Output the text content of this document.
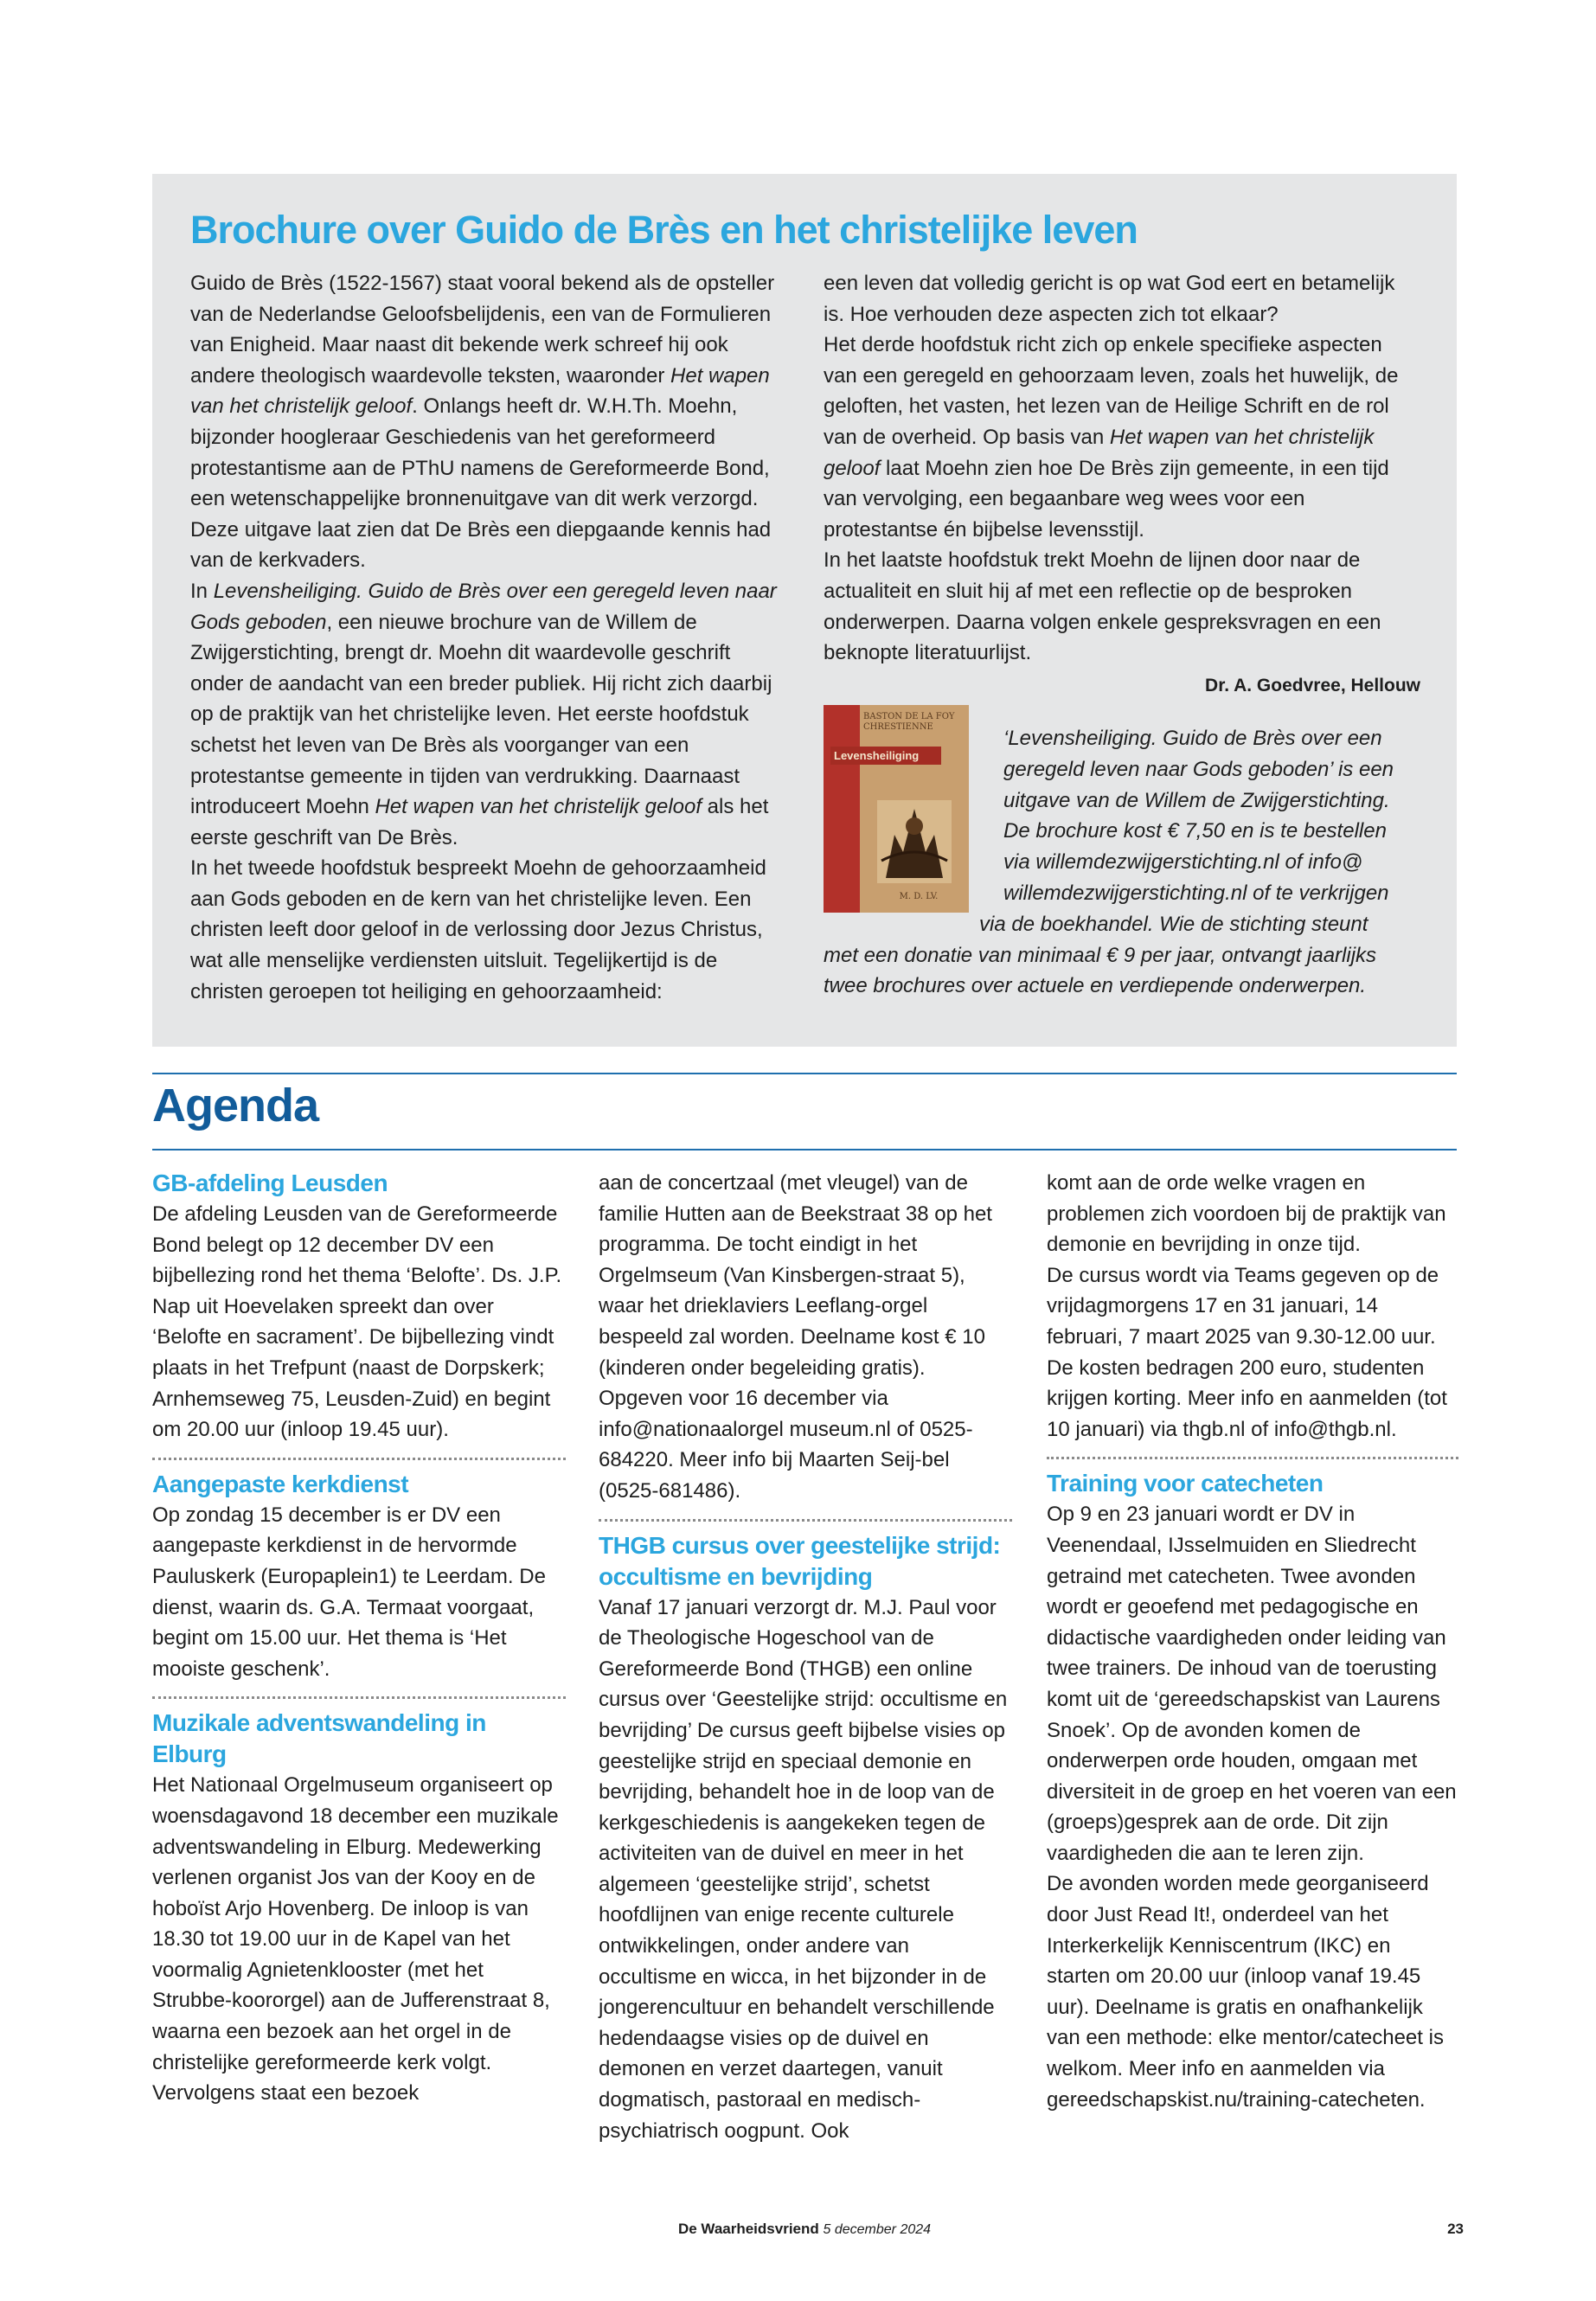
Brochure over Guido de Brès en het christelijke leven

Guido de Brès (1522-1567) staat vooral bekend als de opsteller van de Nederlandse Geloofsbelijdenis, een van de Formulieren van Enigheid. Maar naast dit bekende werk schreef hij ook andere theologisch waardevolle teksten, waaronder Het wapen van het christelijk geloof. Onlangs heeft dr. W.H.Th. Moehn, bijzonder hoogleraar Geschiedenis van het gereformeerd protestantisme aan de PThU namens de Gereformeerde Bond, een wetenschappelijke bronnenuitgave van dit werk verzorgd. Deze uitgave laat zien dat De Brès een diepgaande kennis had van de kerkvaders.

In Levensheiliging. Guido de Brès over een geregeld leven naar Gods geboden, een nieuwe brochure van de Willem de Zwijgerstichting, brengt dr. Moehn dit waardevolle geschrift onder de aandacht van een breder publiek. Hij richt zich daarbij op de praktijk van het christelijke leven. Het eerste hoofdstuk schetst het leven van De Brès als voorganger van een protestantse gemeente in tijden van verdrukking. Daarnaast introduceert Moehn Het wapen van het christelijk geloof als het eerste geschrift van De Brès.

In het tweede hoofdstuk bespreekt Moehn de gehoorzaamheid aan Gods geboden en de kern van het christelijke leven. Een christen leeft door geloof in de verlossing door Jezus Christus, wat alle menselijke verdiensten uitsluit. Tegelijkertijd is de christen geroepen tot heiliging en gehoorzaamheid:

een leven dat volledig gericht is op wat God eert en betamelijk is. Hoe verhouden deze aspecten zich tot elkaar?

Het derde hoofdstuk richt zich op enkele specifieke aspecten van een geregeld en gehoorzaam leven, zoals het huwelijk, de geloften, het vasten, het lezen van de Heilige Schrift en de rol van de overheid. Op basis van Het wapen van het christelijk geloof laat Moehn zien hoe De Brès zijn gemeente, in een tijd van vervolging, een begaanbare weg wees voor een protestantse én bijbelse levensstijl.

In het laatste hoofdstuk trekt Moehn de lijnen door naar de actualiteit en sluit hij af met een reflectie op de besproken onderwerpen. Daarna volgen enkele gespreksvragen en een beknopte literatuurlijst.

Dr. A. Goedvree, Hellouw

BASTON DE LA FOY CHRESTIENNE
Levensheiliging
M. D. LV.

‘Levensheiliging. Guido de Brès over een

geregeld leven naar Gods geboden’ is een

uitgave van de Willem de Zwijgerstichting.

De brochure kost € 7,50 en is te bestellen

via willemdezwijgerstichting.nl of info@

willemdezwijgerstichting.nl of te verkrijgen

via de boekhandel. Wie de stichting steunt

met een donatie van minimaal € 9 per jaar, ontvangt jaarlijks

twee brochures over actuele en verdiepende onderwerpen.

Agenda
GB-afdeling Leusden

De afdeling Leusden van de Gereformeerde Bond belegt op 12 december DV een bijbellezing rond het thema ‘Belofte’. Ds. J.P. Nap uit Hoevelaken spreekt dan over ‘Belofte en sacrament’. De bijbellezing vindt plaats in het Trefpunt (naast de Dorpskerk; Arnhemseweg 75, Leusden-Zuid) en begint om 20.00 uur (inloop 19.45 uur).

Aangepaste kerkdienst

Op zondag 15 december is er DV een aangepaste kerkdienst in de hervormde Pauluskerk (Europaplein1) te Leerdam. De dienst, waarin ds. G.A. Termaat voorgaat, begint om 15.00 uur. Het thema is ‘Het mooiste geschenk’.

Muzikale adventswandeling in Elburg

Het Nationaal Orgelmuseum organiseert op woensdagavond 18 december een muzikale adventswandeling in Elburg. Medewerking verlenen organist Jos van der Kooy en de hoboïst Arjo Hovenberg. De inloop is van 18.30 tot 19.00 uur in de Kapel van het voormalig Agnietenklooster (met het Strubbe-koororgel) aan de Jufferenstraat 8, waarna een bezoek aan het orgel in de christelijke gereformeerde kerk volgt. Vervolgens staat een bezoek

aan de concertzaal (met vleugel) van de familie Hutten aan de Beekstraat 38 op het programma. De tocht eindigt in het Orgelmseum (Van Kinsbergen-straat 5), waar het drieklaviers Leeflang-orgel bespeeld zal worden. Deelname kost € 10 (kinderen onder begeleiding gratis). Opgeven voor 16 december via info@nationaalorgel museum.nl of 0525-684220. Meer info bij Maarten Seij-bel (0525-681486).

THGB cursus over geestelijke strijd: occultisme en bevrijding

Vanaf 17 januari verzorgt dr. M.J. Paul voor de Theologische Hogeschool van de Gereformeerde Bond (THGB) een online cursus over ‘Geestelijke strijd: occultisme en bevrijding’ De cursus geeft bijbelse visies op geestelijke strijd en speciaal demonie en bevrijding, behandelt hoe in de loop van de kerkgeschiedenis is aangekeken tegen de activiteiten van de duivel en meer in het algemeen ‘geestelijke strijd’, schetst hoofdlijnen van enige recente culturele ontwikkelingen, onder andere van occultisme en wicca, in het bijzonder in de jongerencultuur en behandelt verschillende hedendaagse visies op de duivel en demonen en verzet daartegen, vanuit dogmatisch, pastoraal en medisch-psychiatrisch oogpunt. Ook

komt aan de orde welke vragen en problemen zich voordoen bij de praktijk van demonie en bevrijding in onze tijd.

De cursus wordt via Teams gegeven op de vrijdagmorgens 17 en 31 januari, 14 februari, 7 maart 2025 van 9.30-12.00 uur. De kosten bedragen 200 euro, studenten krijgen korting. Meer info en aanmelden (tot 10 januari) via thgb.nl of info@thgb.nl.

Training voor catecheten

Op 9 en 23 januari wordt er DV in Veenendaal, IJsselmuiden en Sliedrecht getraind met catecheten. Twee avonden wordt er geoefend met pedagogische en didactische vaardigheden onder leiding van twee trainers. De inhoud van de toerusting komt uit de ‘gereedschapskist van Laurens Snoek’. Op de avonden komen de onderwerpen orde houden, omgaan met diversiteit in de groep en het voeren van een (groeps)gesprek aan de orde. Dit zijn vaardigheden die aan te leren zijn.

De avonden worden mede georganiseerd door Just Read It!, onderdeel van het Interkerkelijk Kenniscentrum (IKC) en starten om 20.00 uur (inloop vanaf 19.45 uur). Deelname is gratis en onafhankelijk van een methode: elke mentor/catecheet is welkom. Meer info en aanmelden via gereedschapskist.nu/training-catecheten.

De Waarheidsvriend 5 december 2024	23
